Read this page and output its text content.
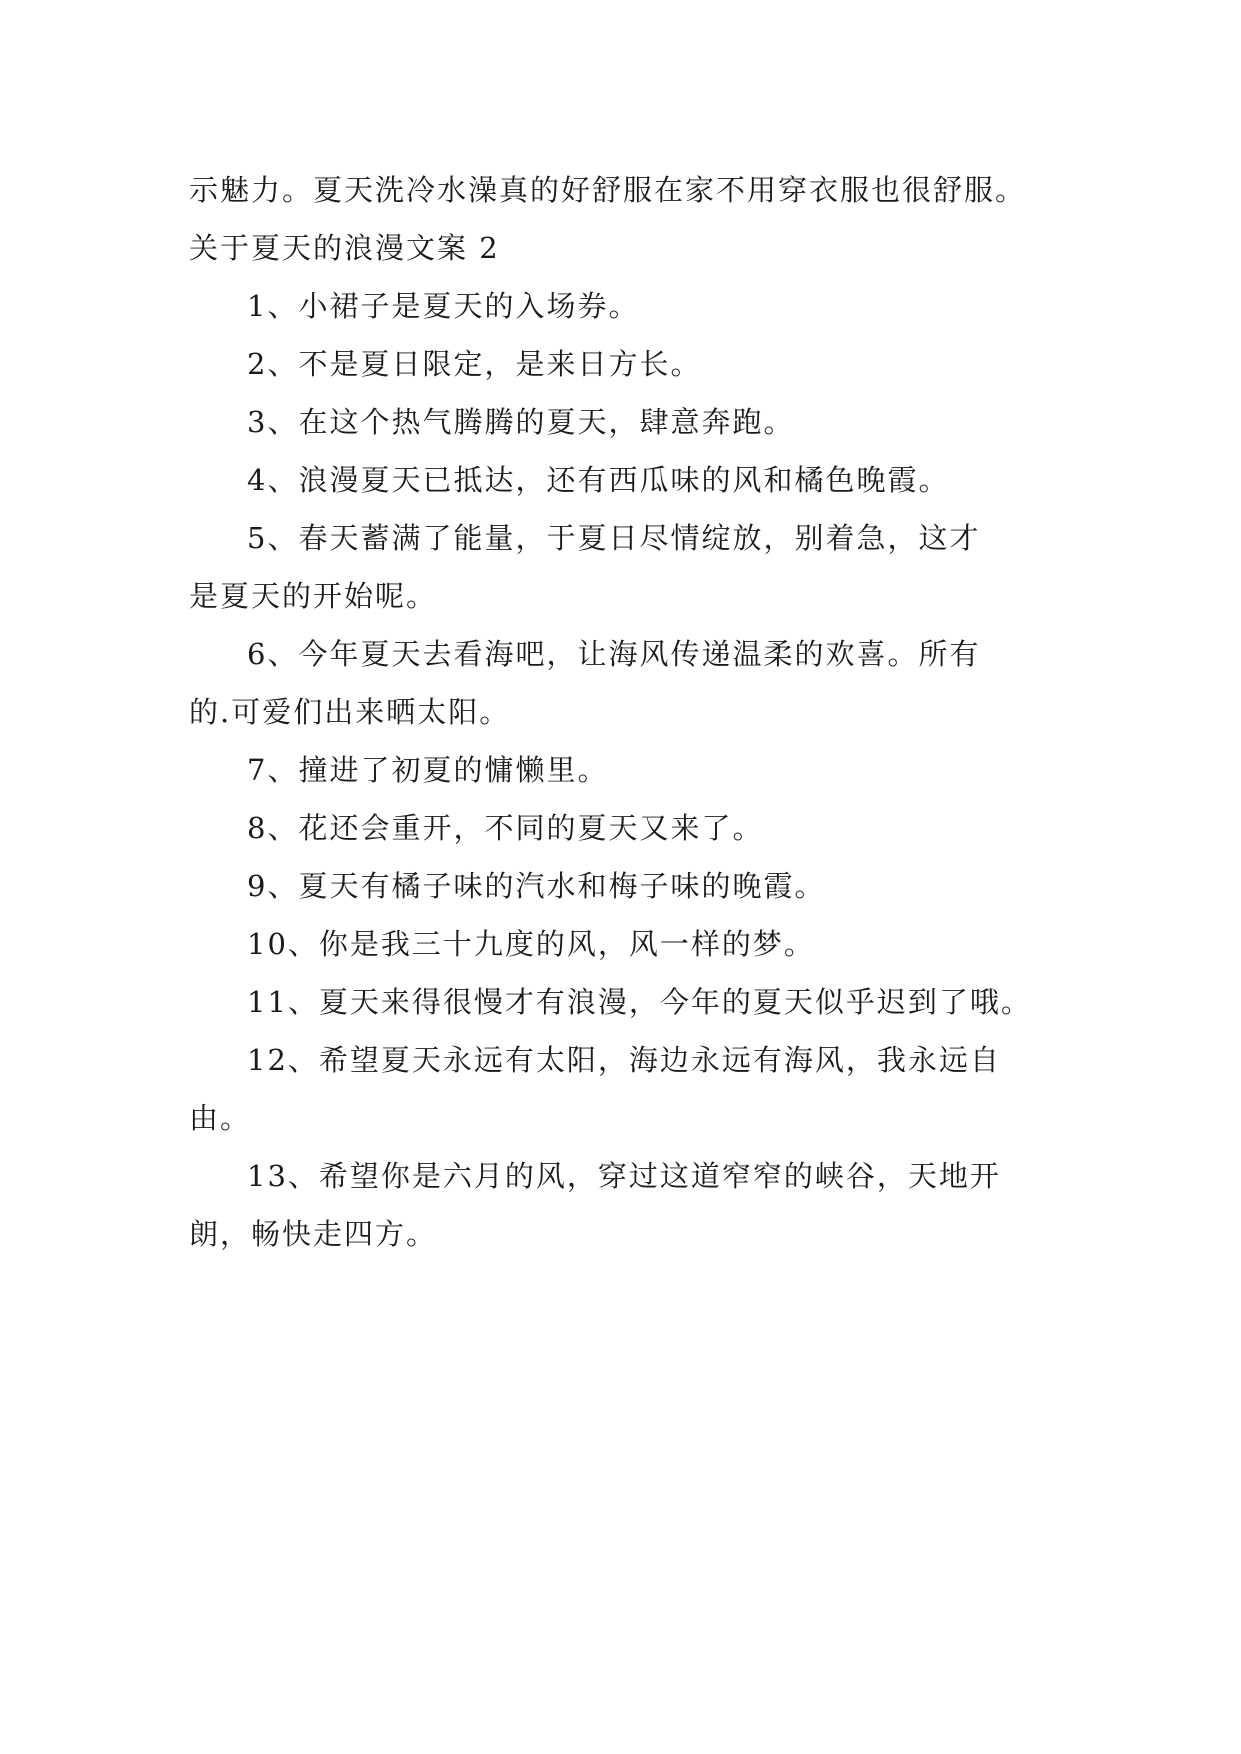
示魅力。夏天洗冷水澡真的好舒服在家不用穿衣服也很舒服。
关于夏天的浪漫文案 2
1、小裙子是夏天的入场券。
2、不是夏日限定，是来日方长。
3、在这个热气腾腾的夏天，肆意奔跑。
4、浪漫夏天已抵达，还有西瓜味的风和橘色晚霞。
5、春天蓄满了能量，于夏日尽情绽放，别着急，这才
是夏天的开始呢。
6、今年夏天去看海吧，让海风传递温柔的欢喜。所有
的.可爱们出来晒太阳。
7、撞进了初夏的慵懒里。
8、花还会重开，不同的夏天又来了。
9、夏天有橘子味的汽水和梅子味的晚霞。
10、你是我三十九度的风，风一样的梦。
11、夏天来得很慢才有浪漫，今年的夏天似乎迟到了哦。
12、希望夏天永远有太阳，海边永远有海风，我永远自
由。
13、希望你是六月的风，穿过这道窄窄的峡谷，天地开
朗，畅快走四方。
